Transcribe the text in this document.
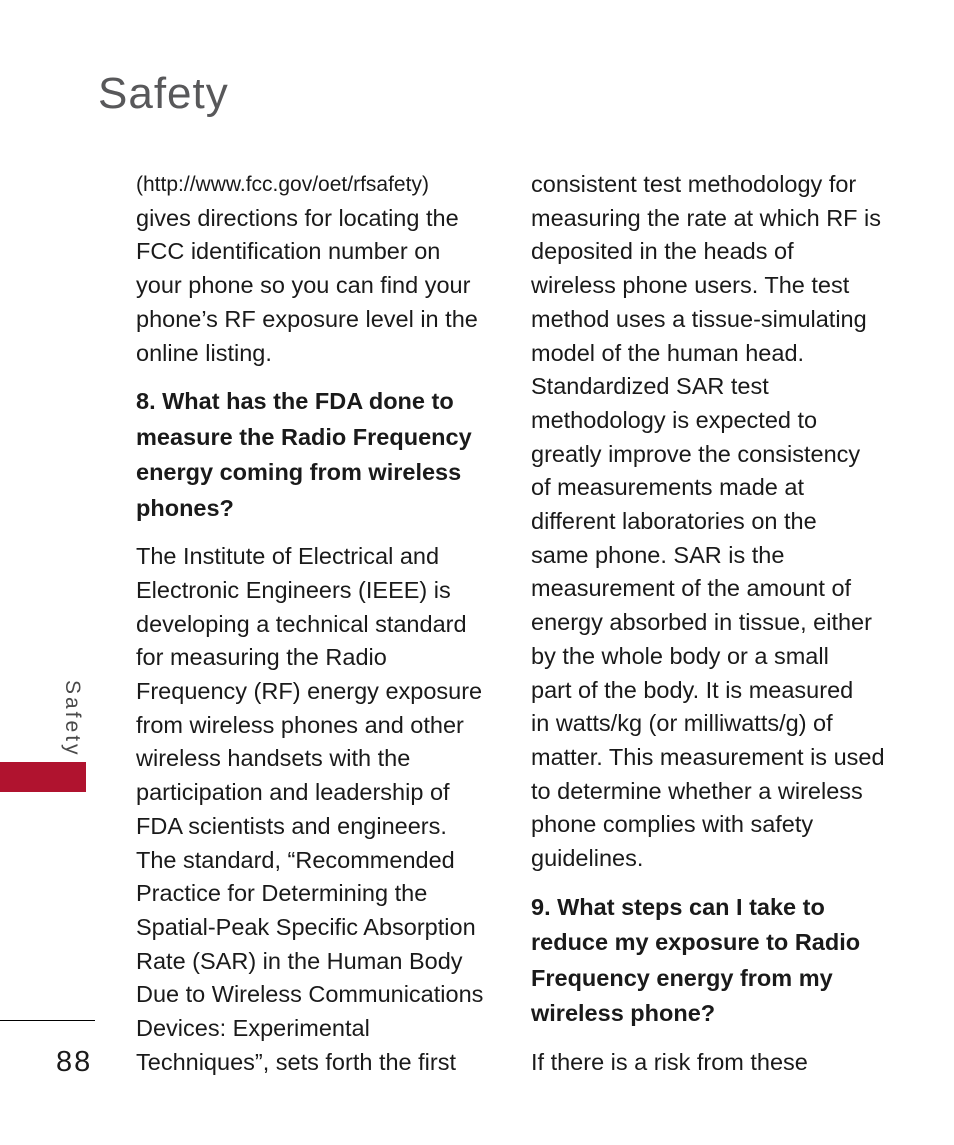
Safety
Safety
88

(http://www.fcc.gov/oet/rfsafety)
gives directions for locating the
FCC identification number on
your phone so you can find your
phone’s RF exposure level in the
online listing.

8. What has the FDA done to
measure the Radio Frequency
energy coming from wireless
phones?

The Institute of Electrical and
Electronic Engineers (IEEE) is
developing a technical standard
for measuring the Radio
Frequency (RF) energy exposure
from wireless phones and other
wireless handsets with the
participation and leadership of
FDA scientists and engineers.
The standard, “Recommended
Practice for Determining the
Spatial-Peak Specific Absorption
Rate (SAR) in the Human Body
Due to Wireless Communications
Devices: Experimental
Techniques”, sets forth the first

consistent test methodology for
measuring the rate at which RF is
deposited in the heads of
wireless phone users. The test
method uses a tissue-simulating
model of the human head.
Standardized SAR test
methodology is expected to
greatly improve the consistency
of measurements made at
different laboratories on the
same phone. SAR is the
measurement of the amount of
energy absorbed in tissue, either
by the whole body or a small
part of the body. It is measured
in watts/kg (or milliwatts/g) of
matter. This measurement is used
to determine whether a wireless
phone complies with safety
guidelines.

9. What steps can I take to
reduce my exposure to Radio
Frequency energy from my
wireless phone?

If there is a risk from these
